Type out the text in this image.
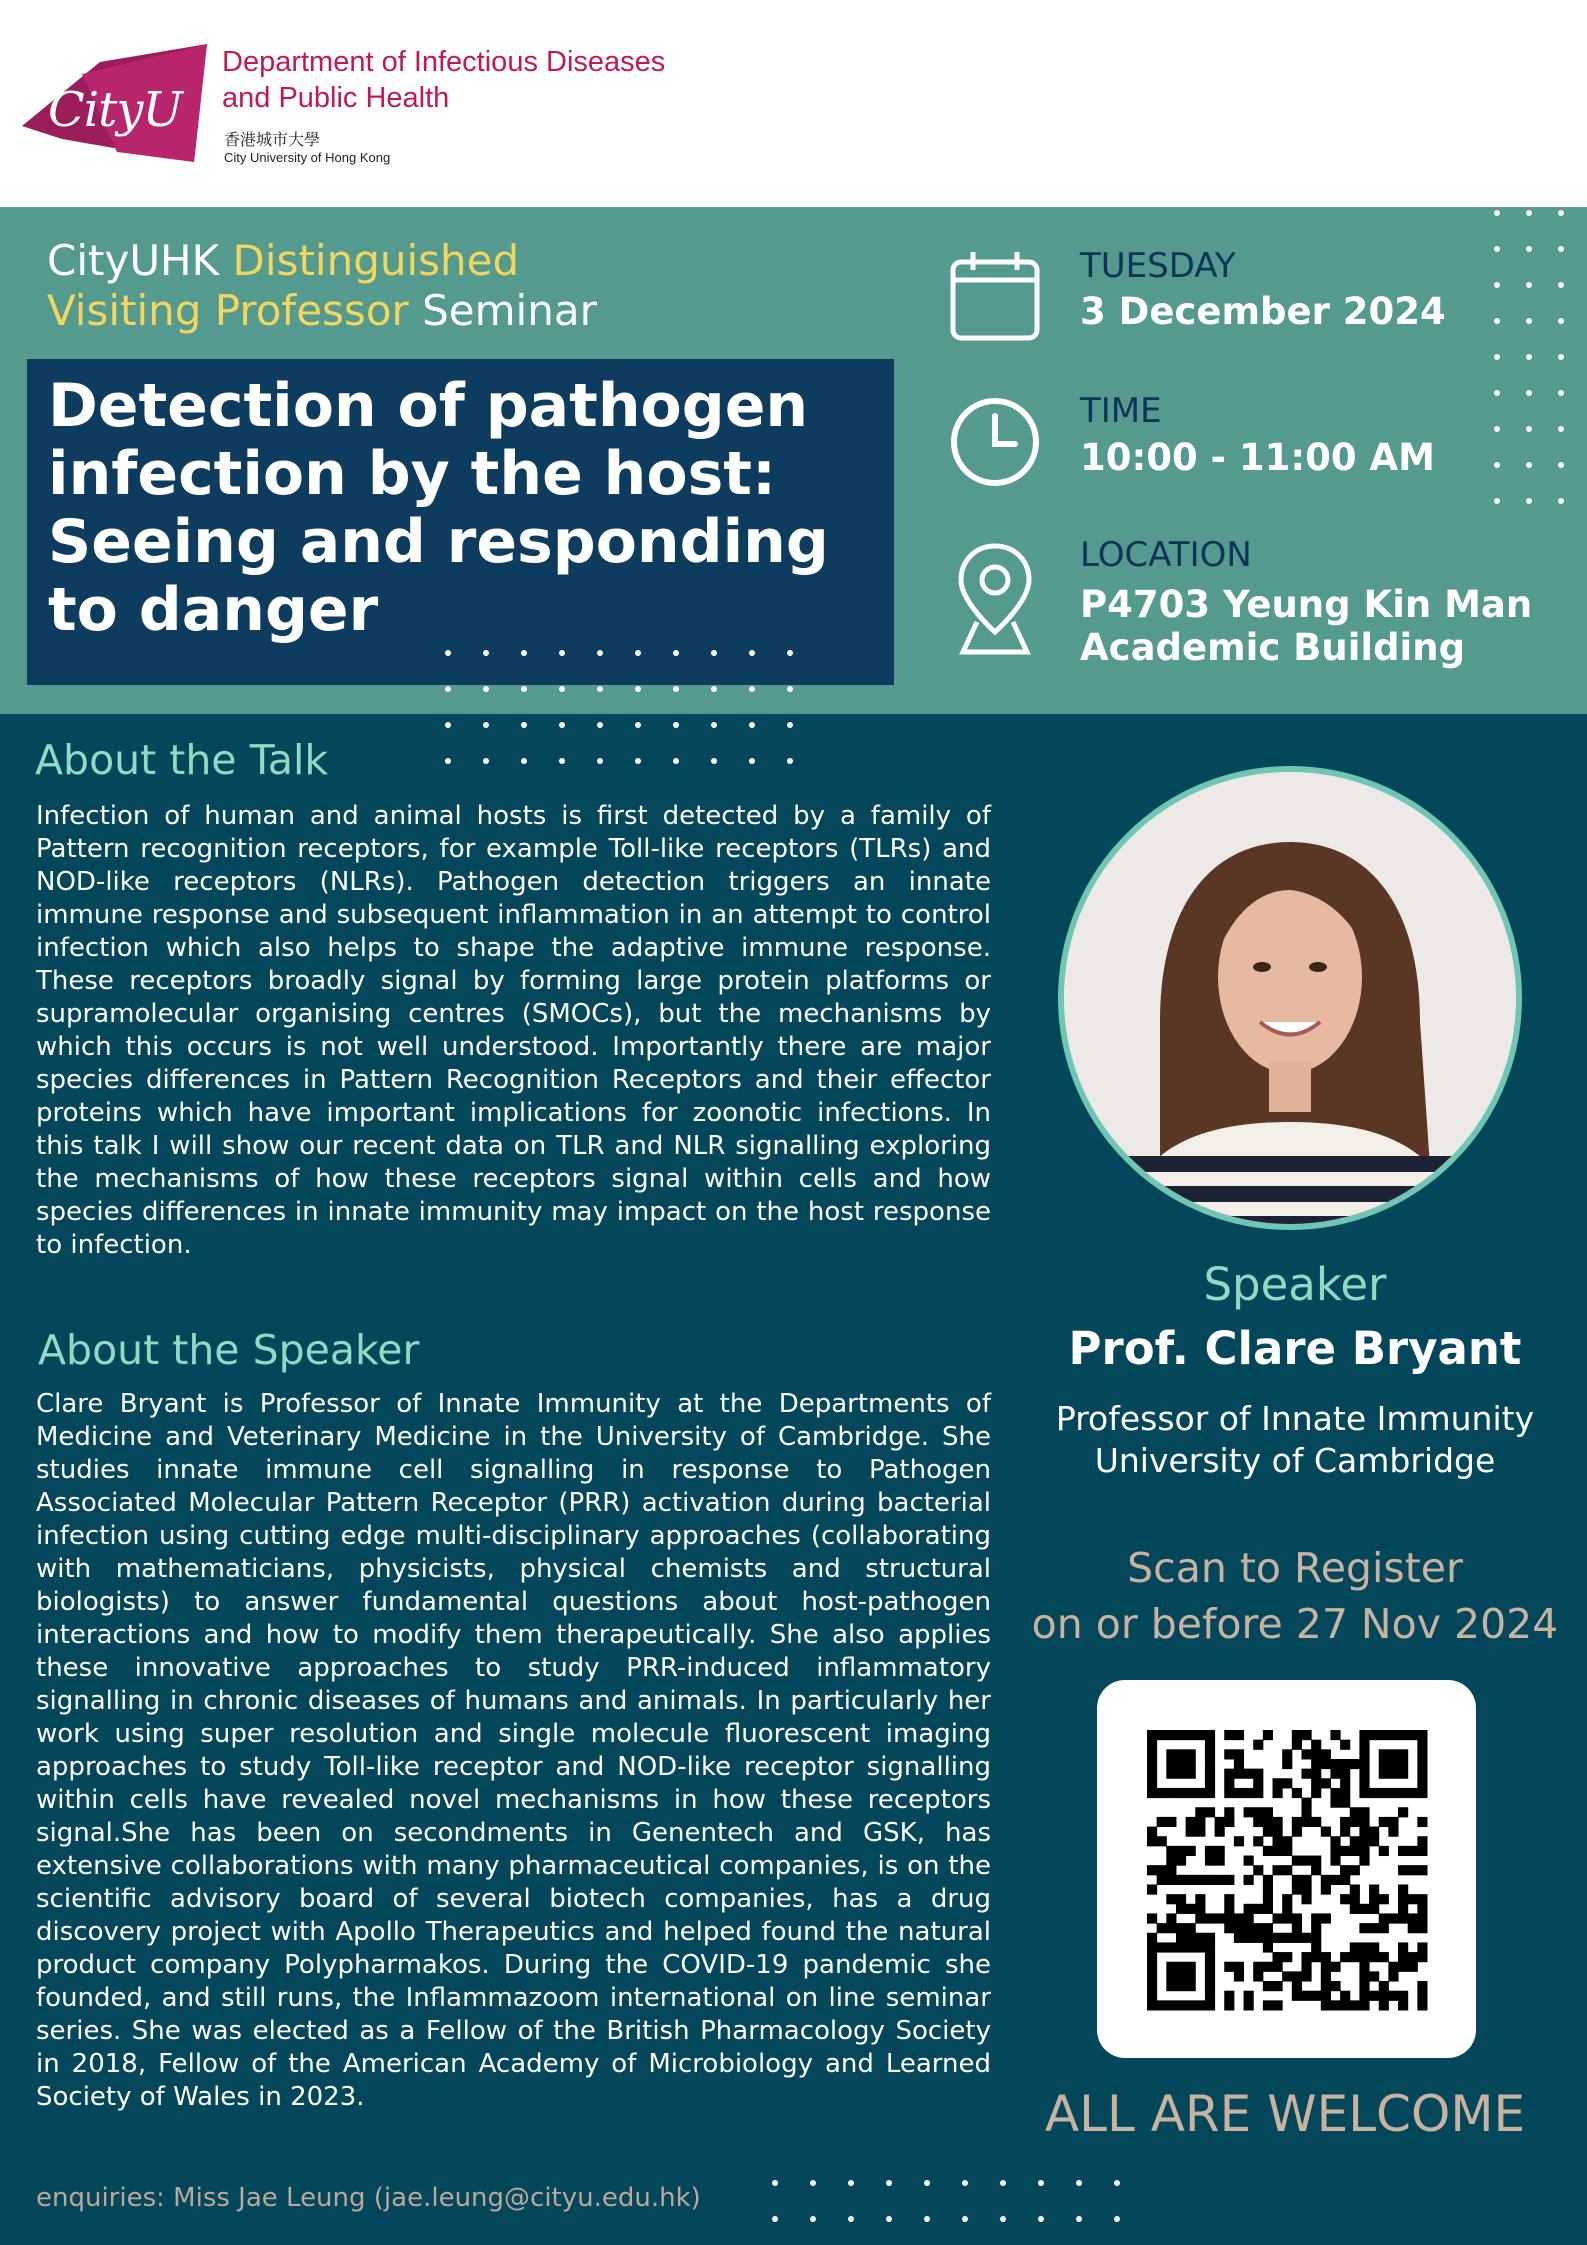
CityU
Department of Infectious Diseases
and Public Health
香港城市大學
City University of Hong Kong
CityUHK Distinguished
Visiting Professor Seminar
Detection of pathogen infection by the host: Seeing and responding to danger
TUESDAY
3 December 2024
TIME
10:00 - 11:00 AM
LOCATION
P4703 Yeung Kin Man
Academic Building
About the Talk
Infection of human and animal hosts is first detected by a family of Pattern recognition receptors, for example Toll-like receptors (TLRs) and NOD-like receptors (NLRs). Pathogen detection triggers an innate immune response and subsequent inflammation in an attempt to control infection which also helps to shape the adaptive immune response. These receptors broadly signal by forming large protein platforms or supramolecular organising centres (SMOCs), but the mechanisms by which this occurs is not well understood. Importantly there are major species differences in Pattern Recognition Receptors and their effector proteins which have important implications for zoonotic infections. In this talk I will show our recent data on TLR and NLR signalling exploring the mechanisms of how these receptors signal within cells and how species differences in innate immunity may impact on the host response to infection.
About the Speaker
Clare Bryant is Professor of Innate Immunity at the Departments of Medicine and Veterinary Medicine in the University of Cambridge. She studies innate immune cell signalling in response to Pathogen Associated Molecular Pattern Receptor (PRR) activation during bacterial infection using cutting edge multi-disciplinary approaches (collaborating with mathematicians, physicists, physical chemists and structural biologists) to answer fundamental questions about host-pathogen interactions and how to modify them therapeutically. She also applies these innovative approaches to study PRR-induced inflammatory signalling in chronic diseases of humans and animals. In particularly her work using super resolution and single molecule fluorescent imaging approaches to study Toll-like receptor and NOD-like receptor signalling within cells have revealed novel mechanisms in how these receptors signal.She has been on secondments in Genentech and GSK, has extensive collaborations with many pharmaceutical companies, is on the scientific advisory board of several biotech companies, has a drug discovery project with Apollo Therapeutics and helped found the natural product company Polypharmakos. During the COVID-19 pandemic she founded, and still runs, the Inflammazoom international on line seminar series. She was elected as a Fellow of the British Pharmacology Society in 2018, Fellow of the American Academy of Microbiology and Learned Society of Wales in 2023.
Speaker
Prof. Clare Bryant
Professor of Innate Immunity
University of Cambridge
Scan to Register
on or before 27 Nov 2024
ALL ARE WELCOME
enquiries: Miss Jae Leung (jae.leung@cityu.edu.hk)
